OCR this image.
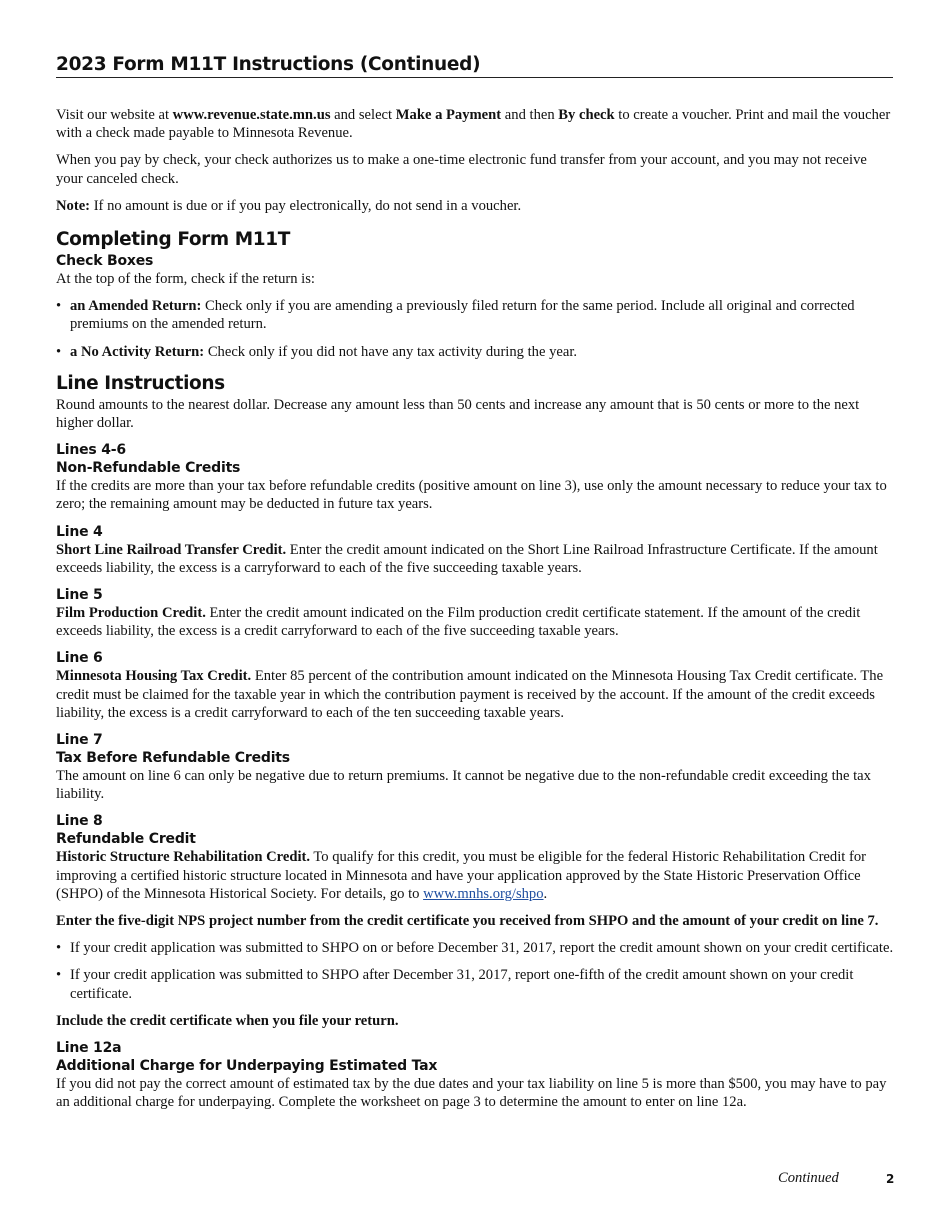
2023 Form M11T Instructions (Continued)

Visit our website at www.revenue.state.mn.us and select Make a Payment and then By check to create a voucher. Print and mail the voucher with a check made payable to Minnesota Revenue.

When you pay by check, your check authorizes us to make a one-time electronic fund transfer from your account, and you may not receive your canceled check.

Note: If no amount is due or if you pay electronically, do not send in a voucher.

Completing Form M11T
Check Boxes

At the top of the form, check if the return is:

• an Amended Return: Check only if you are amending a previously filed return for the same period. Include all original and corrected premiums on the amended return.
• a No Activity Return: Check only if you did not have any tax activity during the year.
Line Instructions

Round amounts to the nearest dollar. Decrease any amount less than 50 cents and increase any amount that is 50 cents or more to the next higher dollar.

Lines 4-6
Non-Refundable Credits

If the credits are more than your tax before refundable credits (positive amount on line 3), use only the amount necessary to reduce your tax to zero; the remaining amount may be deducted in future tax years.

Line 4

Short Line Railroad Transfer Credit. Enter the credit amount indicated on the Short Line Railroad Infrastructure Certificate. If the amount exceeds liability, the excess is a carryforward to each of the five succeeding taxable years.

Line 5

Film Production Credit. Enter the credit amount indicated on the Film production credit certificate statement. If the amount of the credit exceeds liability, the excess is a credit carryforward to each of the five succeeding taxable years.

Line 6

Minnesota Housing Tax Credit. Enter 85 percent of the contribution amount indicated on the Minnesota Housing Tax Credit certificate. The credit must be claimed for the taxable year in which the contribution payment is received by the account. If the amount of the credit exceeds liability, the excess is a credit carryforward to each of the ten succeeding taxable years.

Line 7
Tax Before Refundable Credits

The amount on line 6 can only be negative due to return premiums. It cannot be negative due to the non-refundable credit exceeding the tax liability.

Line 8
Refundable Credit

Historic Structure Rehabilitation Credit. To qualify for this credit, you must be eligible for the federal Historic Rehabilitation Credit for improving a certified historic structure located in Minnesota and have your application approved by the State Historic Preservation Office (SHPO) of the Minnesota Historical Society. For details, go to www.mnhs.org/shpo.

Enter the five-digit NPS project number from the credit certificate you received from SHPO and the amount of your credit on line 7.

• If your credit application was submitted to SHPO on or before December 31, 2017, report the credit amount shown on your credit certificate.
• If your credit application was submitted to SHPO after December 31, 2017, report one-fifth of the credit amount shown on your credit certificate.

Include the credit certificate when you file your return.

Line 12a
Additional Charge for Underpaying Estimated Tax

If you did not pay the correct amount of estimated tax by the due dates and your tax liability on line 5 is more than $500, you may have to pay an additional charge for underpaying. Complete the worksheet on page 3 to determine the amount to enter on line 12a.

Continued	2
